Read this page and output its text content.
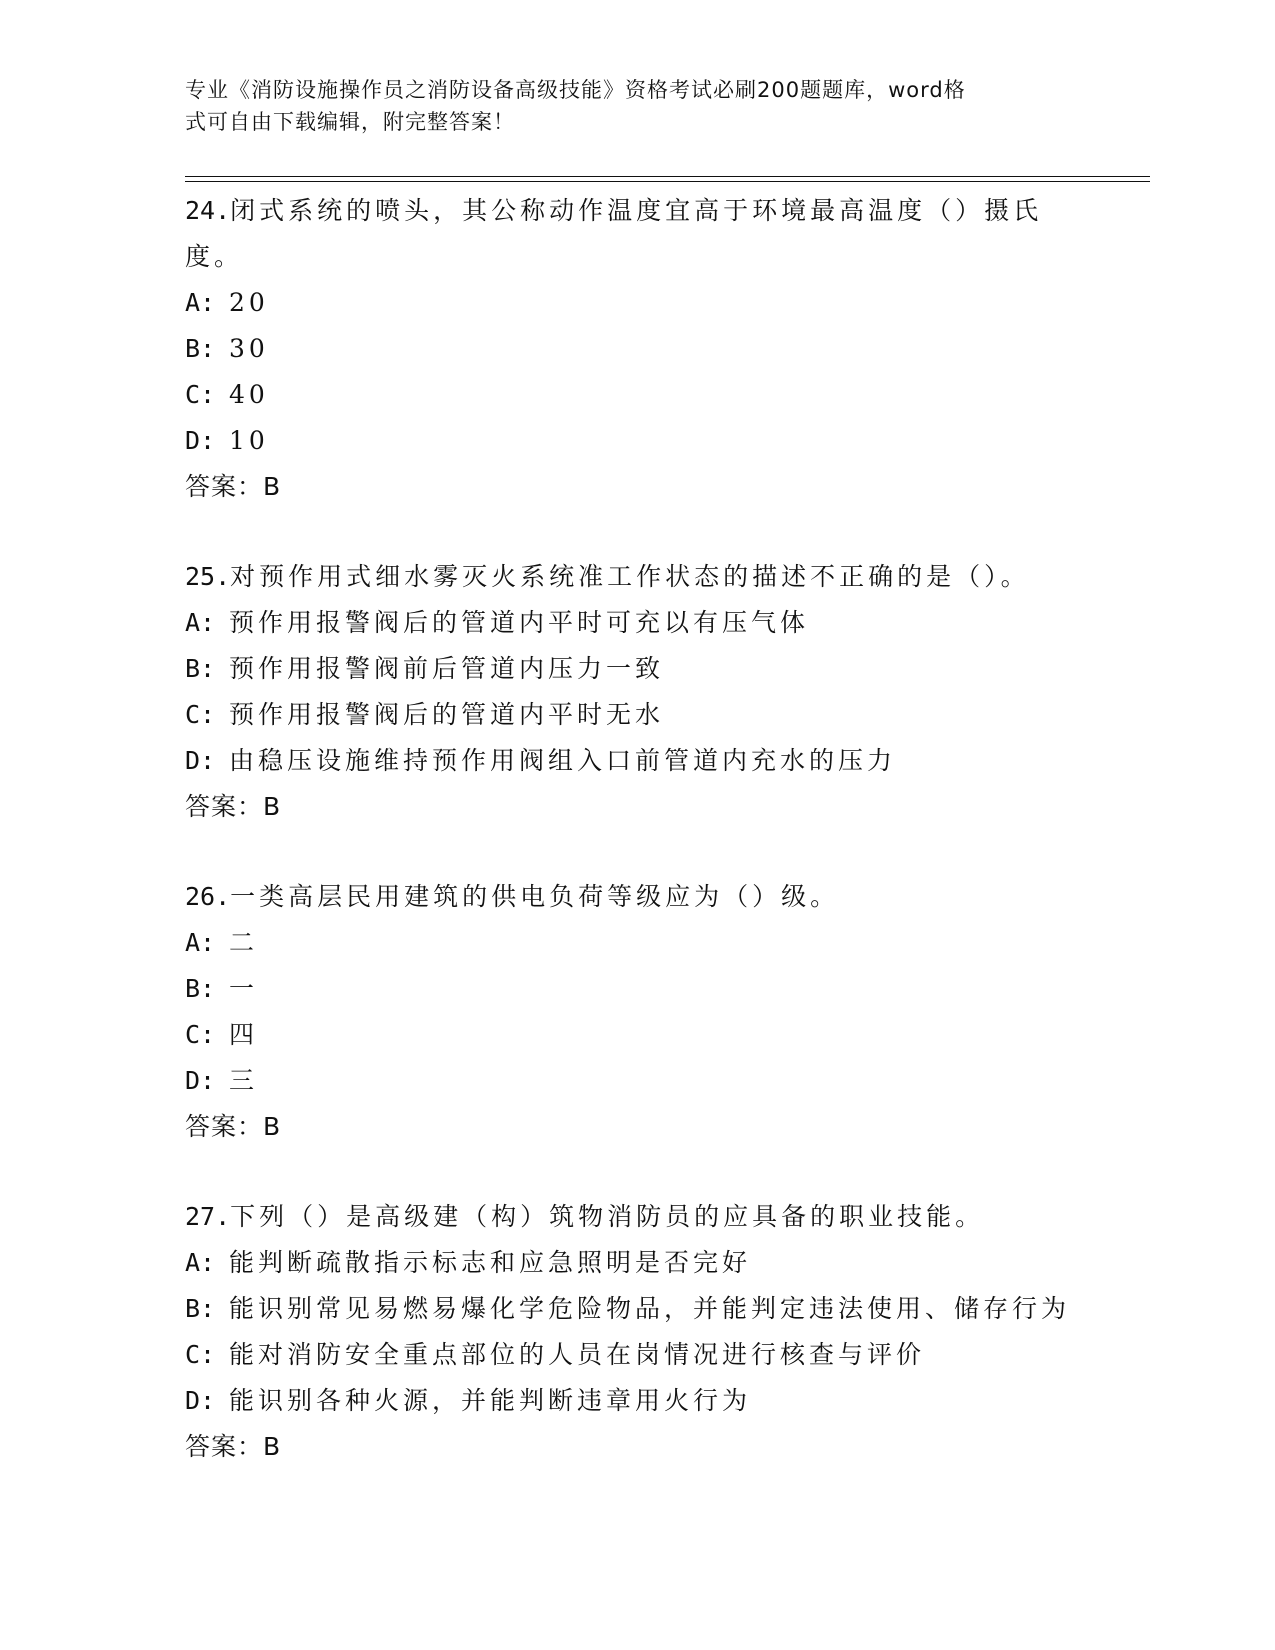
专业《消防设施操作员之消防设备高级技能》资格考试必刷200题题库，word格
式可自由下载编辑，附完整答案！
24.闭式系统的喷头，其公称动作温度宜高于环境最高温度（）摄氏度。
A: 20
B: 30
C: 40
D: 10
答案：B
25.对预作用式细水雾灭火系统准工作状态的描述不正确的是（）。
A: 预作用报警阀后的管道内平时可充以有压气体
B: 预作用报警阀前后管道内压力一致
C: 预作用报警阀后的管道内平时无水
D: 由稳压设施维持预作用阀组入口前管道内充水的压力
答案：B
26.一类高层民用建筑的供电负荷等级应为（）级。
A: 二
B: 一
C: 四
D: 三
答案：B
27.下列（）是高级建（构）筑物消防员的应具备的职业技能。
A: 能判断疏散指示标志和应急照明是否完好
B: 能识别常见易燃易爆化学危险物品，并能判定违法使用、储存行为
C: 能对消防安全重点部位的人员在岗情况进行核查与评价
D: 能识别各种火源，并能判断违章用火行为
答案：B
